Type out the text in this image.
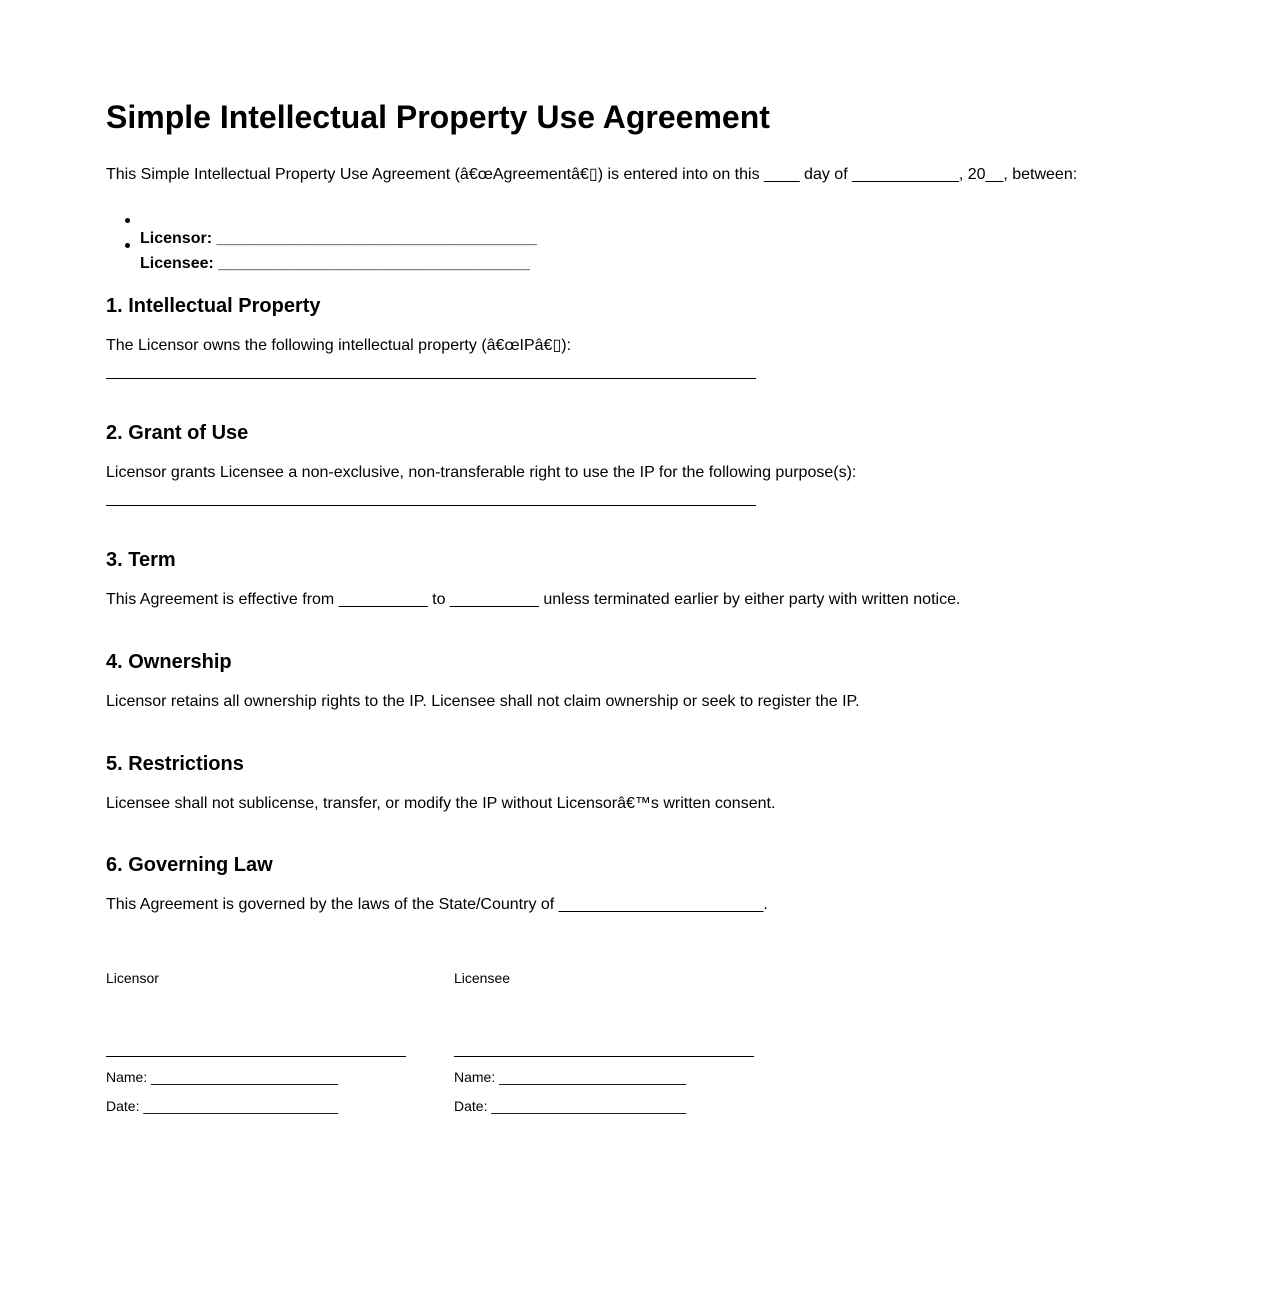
Simple Intellectual Property Use Agreement

This Simple Intellectual Property Use Agreement (â€œAgreementâ€▯) is entered into on this ____ day of ____________, 20__, between:

Licensor: ____________________________________

Licensee: ___________________________________

1. Intellectual Property

The Licensor owns the following intellectual property (â€œIPâ€▯):

2. Grant of Use

Licensor grants Licensee a non-exclusive, non-transferable right to use the IP for the following purpose(s):

3. Term

This Agreement is effective from __________ to __________ unless terminated earlier by either party with written notice.

4. Ownership

Licensor retains all ownership rights to the IP. Licensee shall not claim ownership or seek to register the IP.

5. Restrictions

Licensee shall not sublicense, transfer, or modify the IP without Licensorâ€™s written consent.

6. Governing Law

This Agreement is governed by the laws of the State/Country of _______________________.

Licensor
Name: ________________________
Date: _________________________
Licensee
Name: ________________________
Date: _________________________
